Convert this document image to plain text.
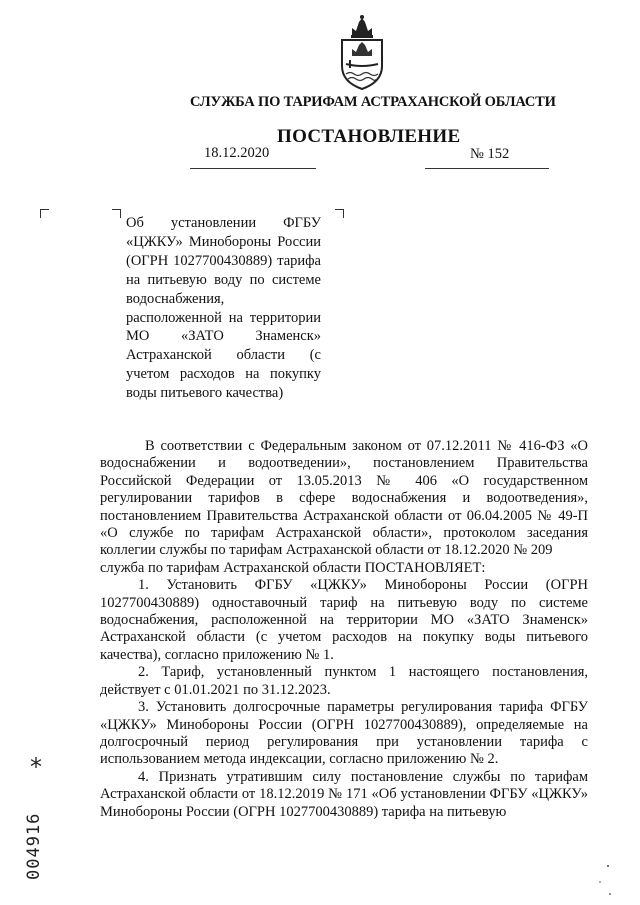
СЛУЖБА ПО ТАРИФАМ АСТРАХАНСКОЙ ОБЛАСТИ
ПОСТАНОВЛЕНИЕ
18.12.2020	№ 152
Об установлении ФГБУ «ЦЖКУ» Минобороны России (ОГРН 1027700430889) тарифа на питьевую воду по системе водоснабжения, расположенной на территории МО «ЗАТО Знаменск» Астраханской области (с учетом расходов на покупку воды питьевого качества)

В соответствии с Федеральным законом от 07.12.2011 № 416-ФЗ «О водоснабжении и водоотведении», постановлением Правительства Российской Федерации от 13.05.2013 № 406 «О государственном регулировании тарифов в сфере водоснабжения и водоотведения», постановлением Правительства Астраханской области от 06.04.2005 № 49-П «О службе по тарифам Астраханской области», протоколом заседания коллегии службы по тарифам Астраханской области от 18.12.2020 № 209

служба по тарифам Астраханской области ПОСТАНОВЛЯЕТ:

1. Установить ФГБУ «ЦЖКУ» Минобороны России (ОГРН 1027700430889) одноставочный тариф на питьевую воду по системе водоснабжения, расположенной на территории МО «ЗАТО Знаменск» Астраханской области (с учетом расходов на покупку воды питьевого качества), согласно приложению № 1.

2. Тариф, установленный пунктом 1 настоящего постановления, действует с 01.01.2021 по 31.12.2023.

3. Установить долгосрочные параметры регулирования тарифа ФГБУ «ЦЖКУ» Минобороны России (ОГРН 1027700430889), определяемые на долгосрочный период регулирования при установлении тарифа с использованием метода индексации, согласно приложению № 2.

4. Признать утратившим силу постановление службы по тарифам Астраханской области от 18.12.2019 № 171 «Об установлении ФГБУ «ЦЖКУ» Минобороны России (ОГРН 1027700430889) тарифа на питьевую

*
004916
